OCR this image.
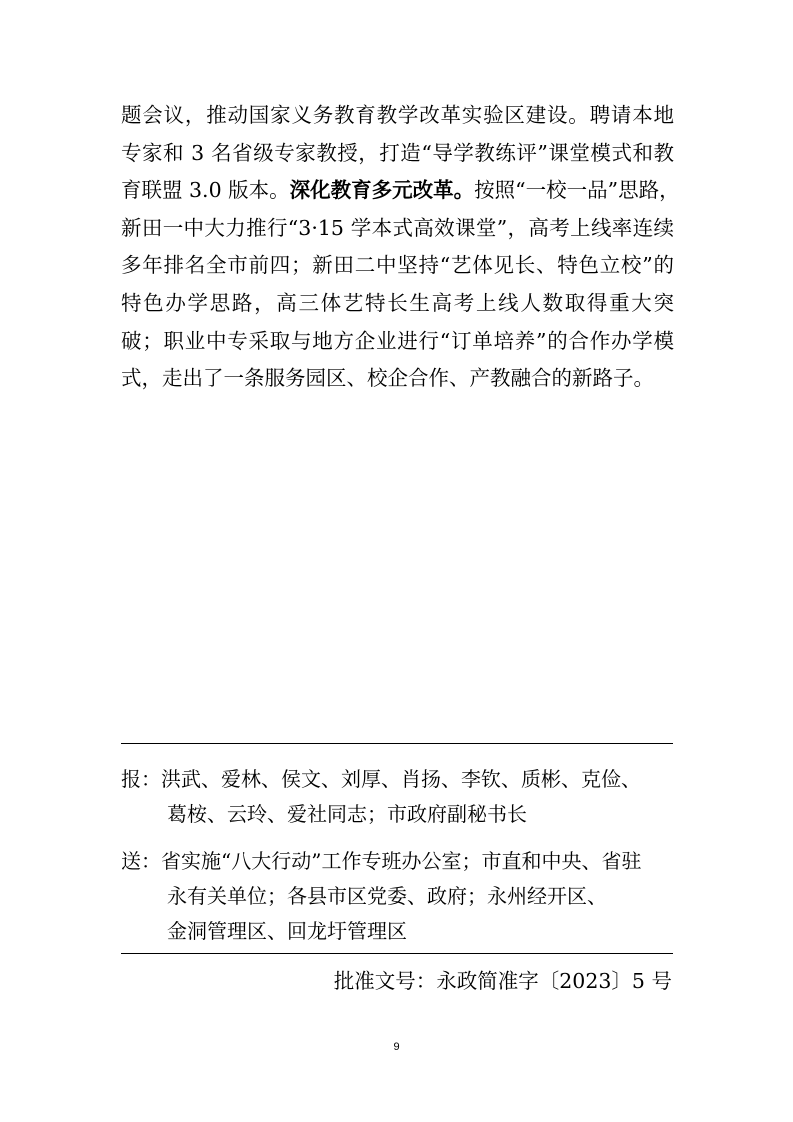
题会议，推动国家义务教育教学改革实验区建设。聘请本地
专家和 3 名省级专家教授，打造“导学教练评”课堂模式和教
育联盟 3.0 版本。深化教育多元改革。按照“一校一品”思路，
新田一中大力推行“3·15 学本式高效课堂”，高考上线率连续
多年排名全市前四；新田二中坚持“艺体见长、特色立校”的
特色办学思路，高三体艺特长生高考上线人数取得重大突
破；职业中专采取与地方企业进行“订单培养”的合作办学模
式，走出了一条服务园区、校企合作、产教融合的新路子。
报：洪武、爱林、侯文、刘厚、肖扬、李钦、质彬、克俭、
葛桉、云玲、爱社同志；市政府副秘书长
送：省实施“八大行动”工作专班办公室；市直和中央、省驻
永有关单位；各县市区党委、政府；永州经开区、
金洞管理区、回龙圩管理区
批准文号：永政简准字〔2023〕5 号
9
